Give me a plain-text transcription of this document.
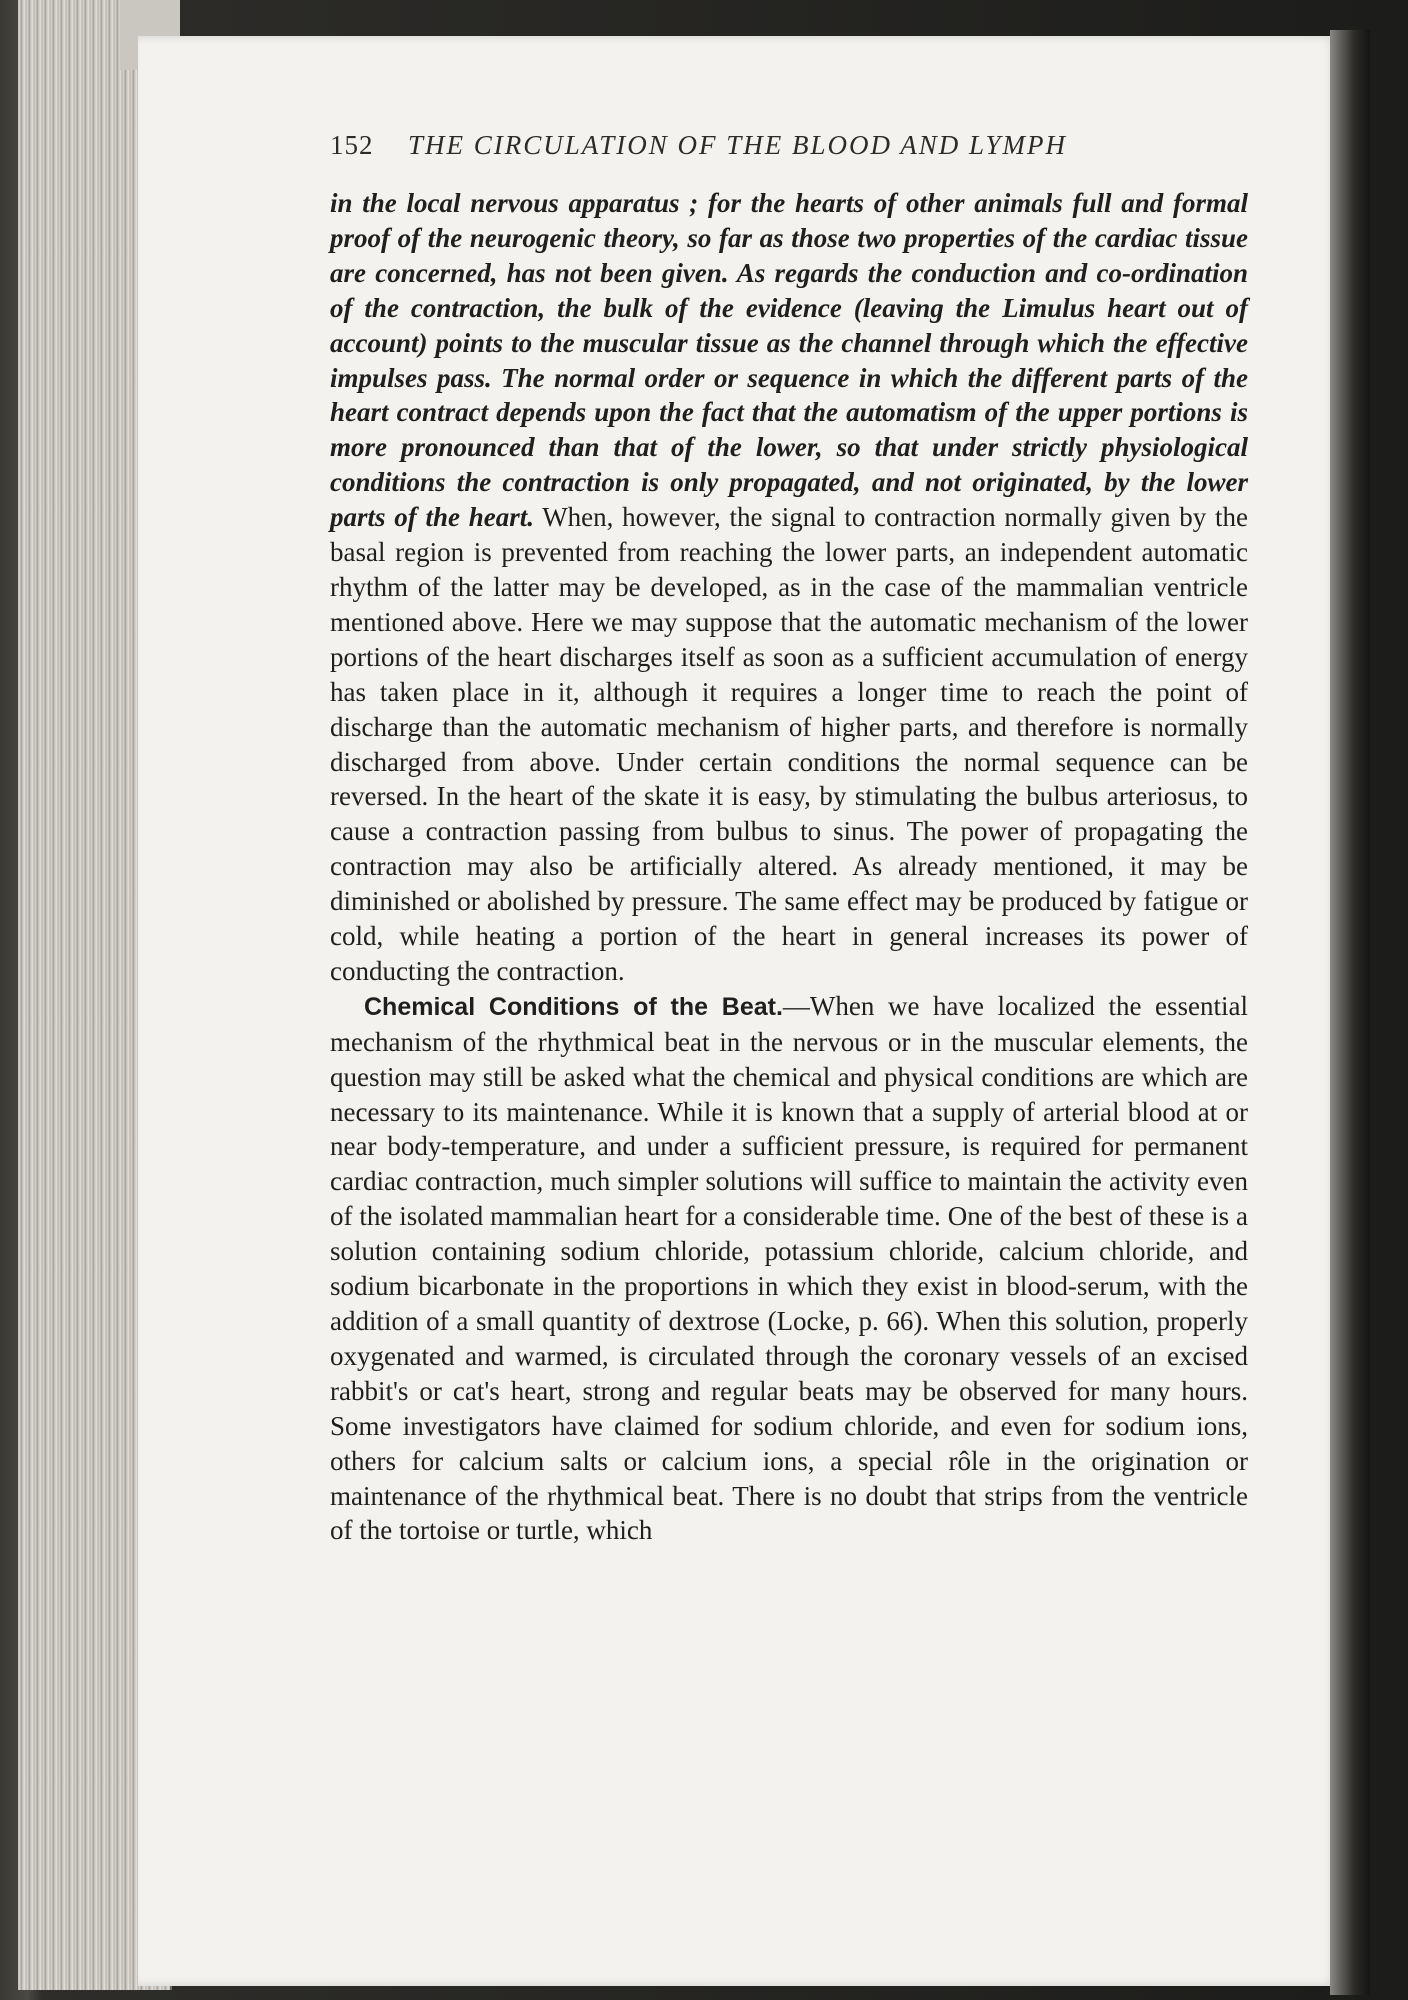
152	THE CIRCULATION OF THE BLOOD AND LYMPH

in the local nervous apparatus ; for the hearts of other animals full and formal proof of the neurogenic theory, so far as those two properties of the cardiac tissue are concerned, has not been given. As regards the conduction and co-ordination of the contraction, the bulk of the evidence (leaving the Limulus heart out of account) points to the muscular tissue as the channel through which the effective impulses pass. The normal order or sequence in which the different parts of the heart contract depends upon the fact that the automatism of the upper portions is more pronounced than that of the lower, so that under strictly physiological conditions the contraction is only propagated, and not originated, by the lower parts of the heart. When, however, the signal to contraction normally given by the basal region is prevented from reaching the lower parts, an independent automatic rhythm of the latter may be developed, as in the case of the mammalian ventricle mentioned above. Here we may suppose that the automatic mechanism of the lower portions of the heart discharges itself as soon as a sufficient accumulation of energy has taken place in it, although it requires a longer time to reach the point of discharge than the automatic mechanism of higher parts, and therefore is normally discharged from above. Under certain conditions the normal sequence can be reversed. In the heart of the skate it is easy, by stimulating the bulbus arteriosus, to cause a contraction passing from bulbus to sinus. The power of propagating the contraction may also be artificially altered. As already mentioned, it may be diminished or abolished by pressure. The same effect may be produced by fatigue or cold, while heating a portion of the heart in general increases its power of conducting the contraction.

Chemical Conditions of the Beat.—When we have localized the essential mechanism of the rhythmical beat in the nervous or in the muscular elements, the question may still be asked what the chemical and physical conditions are which are necessary to its maintenance. While it is known that a supply of arterial blood at or near body-temperature, and under a sufficient pressure, is required for permanent cardiac contraction, much simpler solutions will suffice to maintain the activity even of the isolated mammalian heart for a considerable time. One of the best of these is a solution containing sodium chloride, potassium chloride, calcium chloride, and sodium bicarbonate in the proportions in which they exist in blood-serum, with the addition of a small quantity of dextrose (Locke, p. 66). When this solution, properly oxygenated and warmed, is circulated through the coronary vessels of an excised rabbit's or cat's heart, strong and regular beats may be observed for many hours. Some investigators have claimed for sodium chloride, and even for sodium ions, others for calcium salts or calcium ions, a special rôle in the origination or maintenance of the rhythmical beat. There is no doubt that strips from the ventricle of the tortoise or turtle, which
